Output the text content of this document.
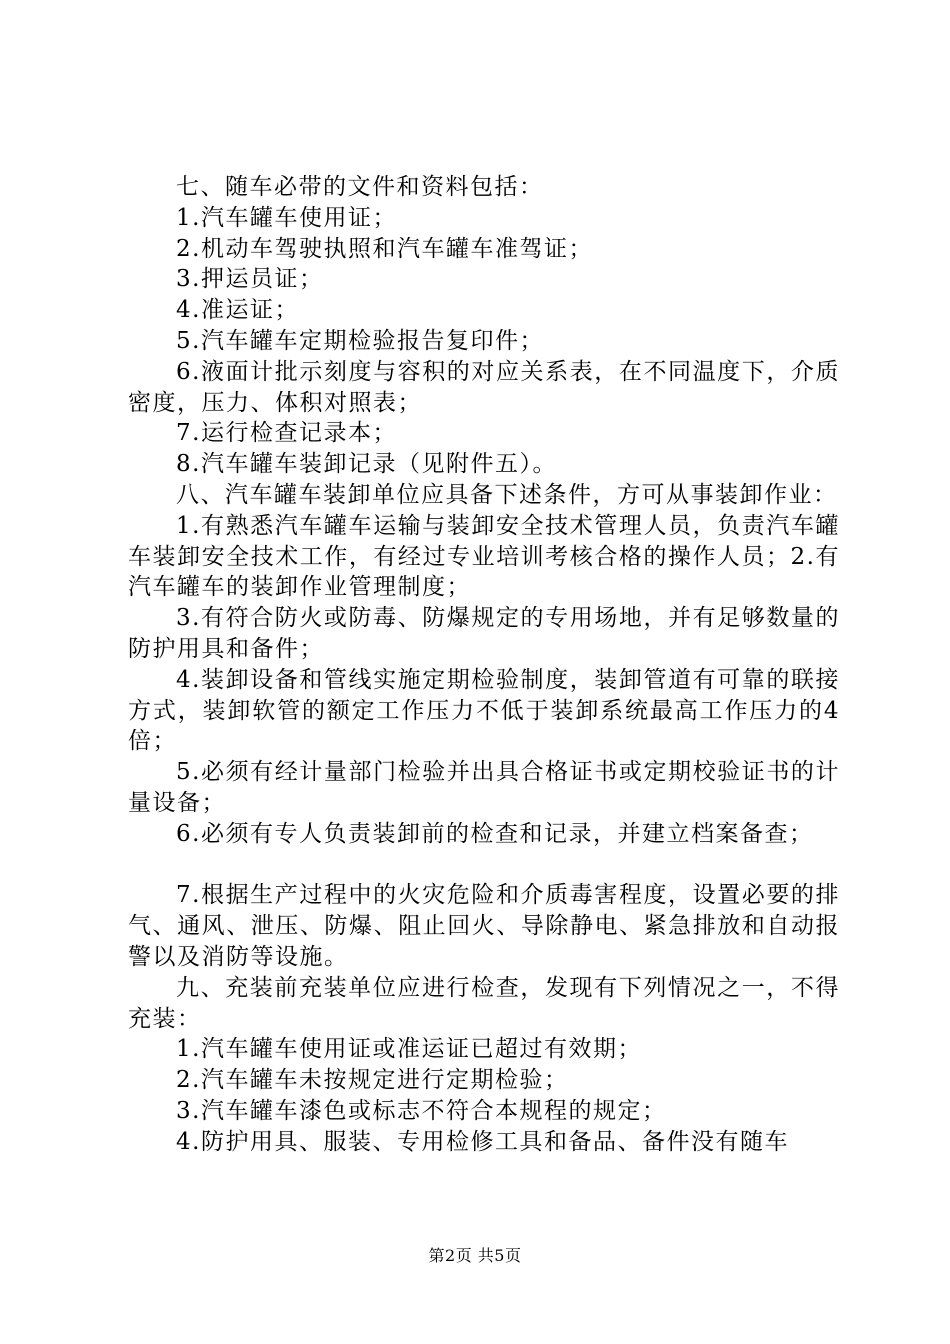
七、随车必带的文件和资料包括：

1.汽车罐车使用证；

2.机动车驾驶执照和汽车罐车准驾证；

3.押运员证；

4.准运证；

5.汽车罐车定期检验报告复印件；

6.液面计批示刻度与容积的对应关系表，在不同温度下，介质密度，压力、体积对照表；

7.运行检查记录本；

8.汽车罐车装卸记录（见附件五）。

八、汽车罐车装卸单位应具备下述条件，方可从事装卸作业：

1.有熟悉汽车罐车运输与装卸安全技术管理人员，负责汽车罐车装卸安全技术工作，有经过专业培训考核合格的操作人员；2.有汽车罐车的装卸作业管理制度；

3.有符合防火或防毒、防爆规定的专用场地，并有足够数量的防护用具和备件；

4.装卸设备和管线实施定期检验制度，装卸管道有可靠的联接方式，装卸软管的额定工作压力不低于装卸系统最高工作压力的4倍；

5.必须有经计量部门检验并出具合格证书或定期校验证书的计量设备；

6.必须有专人负责装卸前的检查和记录，并建立档案备查；

7.根据生产过程中的火灾危险和介质毒害程度，设置必要的排气、通风、泄压、防爆、阻止回火、导除静电、紧急排放和自动报警以及消防等设施。

九、充装前充装单位应进行检查，发现有下列情况之一，不得充装：

1.汽车罐车使用证或准运证已超过有效期；

2.汽车罐车未按规定进行定期检验；

3.汽车罐车漆色或标志不符合本规程的规定；

4.防护用具、服装、专用检修工具和备品、备件没有随车

第2页 共5页
